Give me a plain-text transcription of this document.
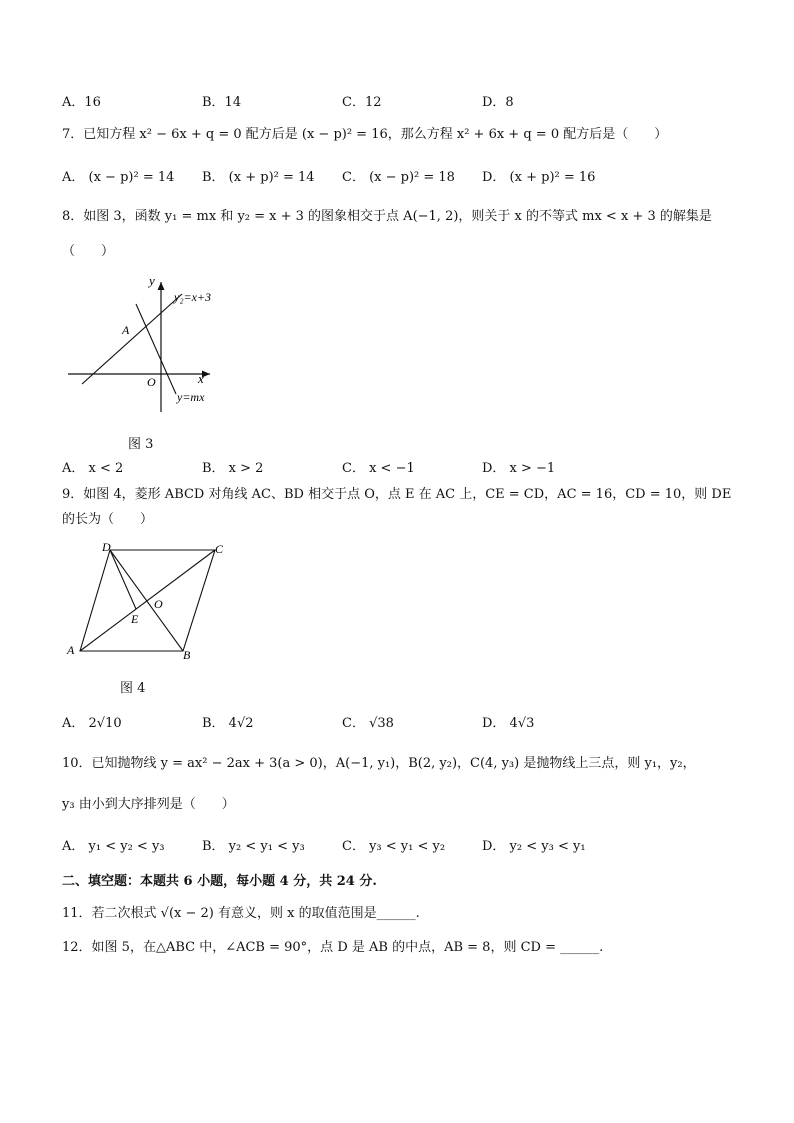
A．16	B．14	C．12	D．8
7．已知方程 x² − 6x + q = 0 配方后是 (x − p)² = 16，那么方程 x² + 6x + q = 0 配方后是（　　）
A． (x − p)² = 14 B． (x + p)² = 14 C． (x − p)² = 18 D． (x + p)² = 16
8．如图 3，函数 y₁ = mx 和 y₂ = x + 3 的图象相交于点 A(−1, 2)，则关于 x 的不等式 mx < x + 3 的解集是
（　　）
y
x
O
A
y₂=x+3
y=mx
图 3
A． x < 2	B． x > 2	C． x < −1	D． x > −1
9．如图 4，菱形 ABCD 对角线 AC、BD 相交于点 O，点 E 在 AC 上，CE = CD，AC = 16，CD = 10，则 DE
的长为（　　）
D	C
A	B
O
E
图 4
A． 2√10	B． 4√2	C． √38	D． 4√3
10．已知抛物线 y = ax² − 2ax + 3(a > 0)，A(−1, y₁)，B(2, y₂)，C(4, y₃) 是抛物线上三点，则 y₁，y₂，
y₃ 由小到大序排列是（　　）
A． y₁ < y₂ < y₃	B． y₂ < y₁ < y₃	C． y₃ < y₁ < y₂	D． y₂ < y₃ < y₁
二、填空题：本题共 6 小题，每小题 4 分，共 24 分.
11．若二次根式 √(x − 2) 有意义，则 x 的取值范围是______.
12．如图 5，在△ABC 中，∠ACB = 90°，点 D 是 AB 的中点，AB = 8，则 CD = ______.
